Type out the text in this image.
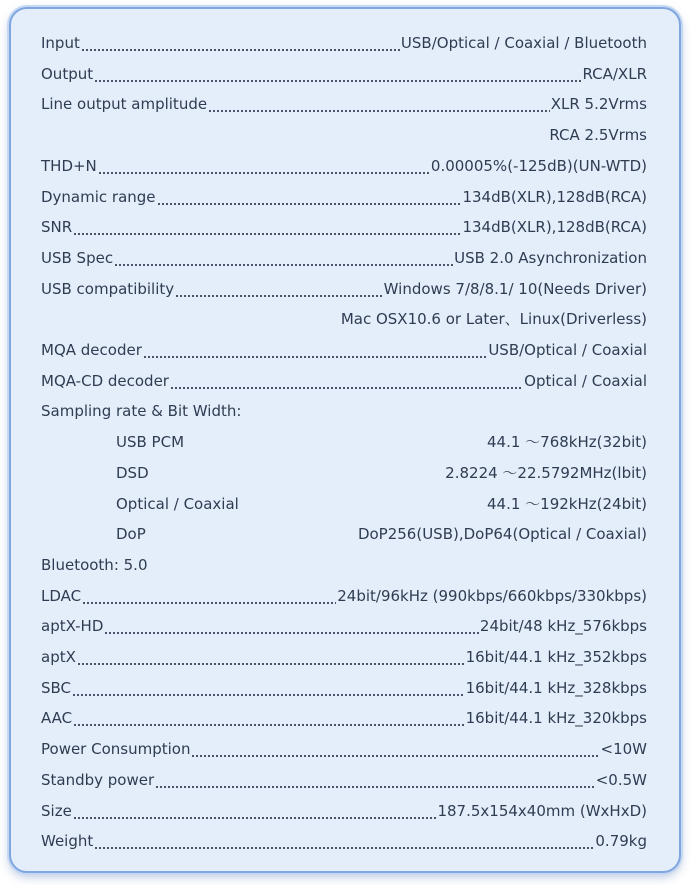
Input	USB/Optical / Coaxial / Bluetooth
Output	RCA/XLR
Line output amplitude	XLR 5.2Vrms
RCA 2.5Vrms
THD+N	0.00005%(-125dB)(UN-WTD)
Dynamic range	134dB(XLR),128dB(RCA)
SNR	134dB(XLR),128dB(RCA)
USB Spec	USB 2.0 Asynchronization
USB compatibility	Windows 7/8/8.1/ 10(Needs Driver)
Mac OSX10.6 or Later、Linux(Driverless)
MQA decoder	USB/Optical / Coaxial
MQA-CD decoder	Optical / Coaxial
Sampling rate & Bit Width:
USB PCM	44.1 〜768kHz(32bit)
DSD	2.8224 〜22.5792MHz(lbit)
Optical / Coaxial	44.1 〜192kHz(24bit)
DoP	DoP256(USB),DoP64(Optical / Coaxial)
Bluetooth: 5.0
LDAC	24bit/96kHz (990kbps/660kbps/330kbps)
aptX-HD	24bit/48 kHz_576kbps
aptX	16bit/44.1 kHz_352kbps
SBC	16bit/44.1 kHz_328kbps
AAC	16bit/44.1 kHz_320kbps
Power Consumption	<10W
Standby power	<0.5W
Size	187.5x154x40mm (WxHxD)
Weight	0.79kg
